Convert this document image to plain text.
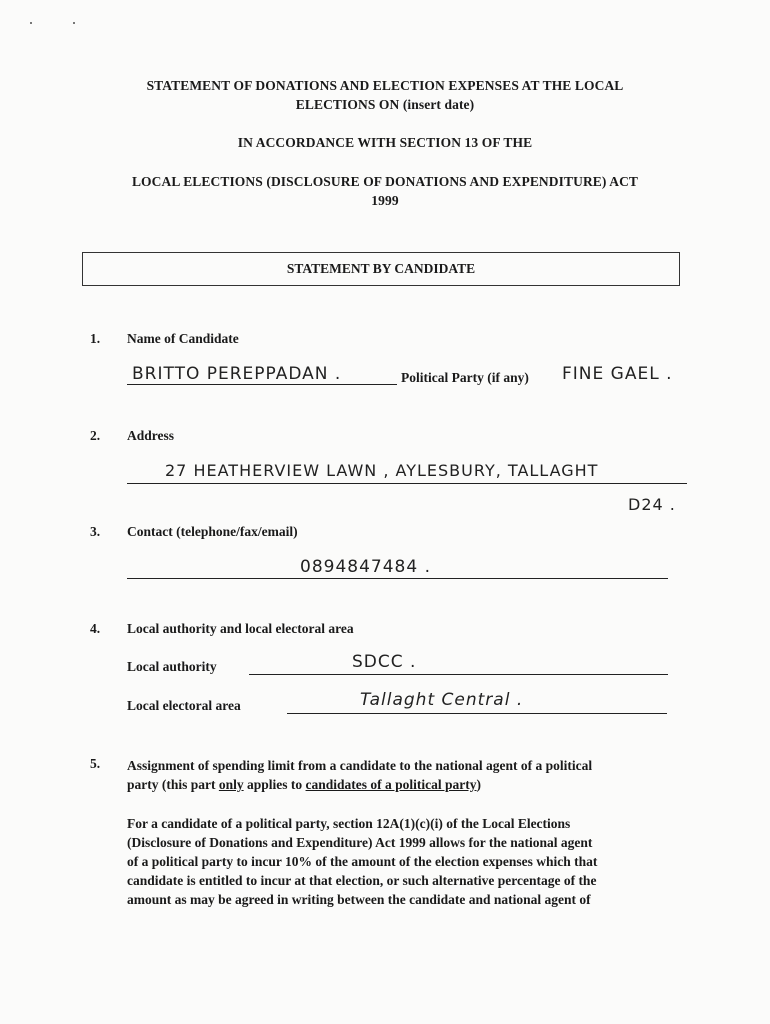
STATEMENT OF DONATIONS AND ELECTION EXPENSES AT THE LOCAL
ELECTIONS ON (insert date)
IN ACCORDANCE WITH SECTION 13 OF THE
LOCAL ELECTIONS (DISCLOSURE OF DONATIONS AND EXPENDITURE) ACT
1999
STATEMENT BY CANDIDATE
1. Name of Candidate
BRITTO PEREPPADAN .	Political Party (if any) FINE GAEL .
2. Address
27 HEATHERVIEW LAWN , AYLESBURY, TALLAGHT
D24 .
3. Contact (telephone/fax/email)
0894847484 .
4. Local authority and local electoral area
Local authority	SDCC .
Local electoral area	Tallaght Central .
5. Assignment of spending limit from a candidate to the national agent of a political
party (this part only applies to candidates of a political party)
For a candidate of a political party, section 12A(1)(c)(i) of the Local Elections
(Disclosure of Donations and Expenditure) Act 1999 allows for the national agent
of a political party to incur 10% of the amount of the election expenses which that
candidate is entitled to incur at that election, or such alternative percentage of the
amount as may be agreed in writing between the candidate and national agent of
